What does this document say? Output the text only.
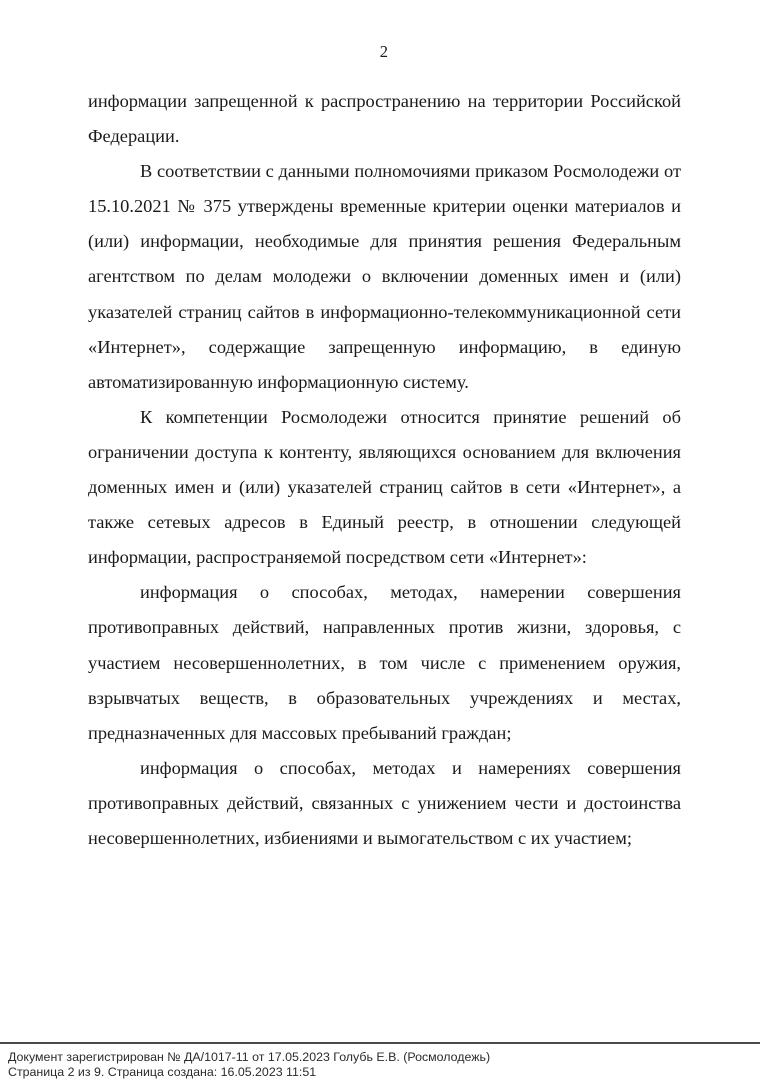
2

информации запрещенной к распространению на территории Российской Федерации.

В соответствии с данными полномочиями приказом Росмолодежи от 15.10.2021 № 375 утверждены временные критерии оценки материалов и (или) информации, необходимые для принятия решения Федеральным агентством по делам молодежи о включении доменных имен и (или) указателей страниц сайтов в информационно-телекоммуникационной сети «Интернет», содержащие запрещенную информацию, в единую автоматизированную информационную систему.

К компетенции Росмолодежи относится принятие решений об ограничении доступа к контенту, являющихся основанием для включения доменных имен и (или) указателей страниц сайтов в сети «Интернет», а также сетевых адресов в Единый реестр, в отношении следующей информации, распространяемой посредством сети «Интернет»:

информация о способах, методах, намерении совершения противоправных действий, направленных против жизни, здоровья, с участием несовершеннолетних, в том числе с применением оружия, взрывчатых веществ, в образовательных учреждениях и местах, предназначенных для массовых пребываний граждан;

информация о способах, методах и намерениях совершения противоправных действий, связанных с унижением чести и достоинства несовершеннолетних, избиениями и вымогательством с их участием;

Документ зарегистрирован № ДА/1017-11 от 17.05.2023 Голубь Е.В. (Росмолодежь)
Страница 2 из 9. Страница создана: 16.05.2023 11:51
